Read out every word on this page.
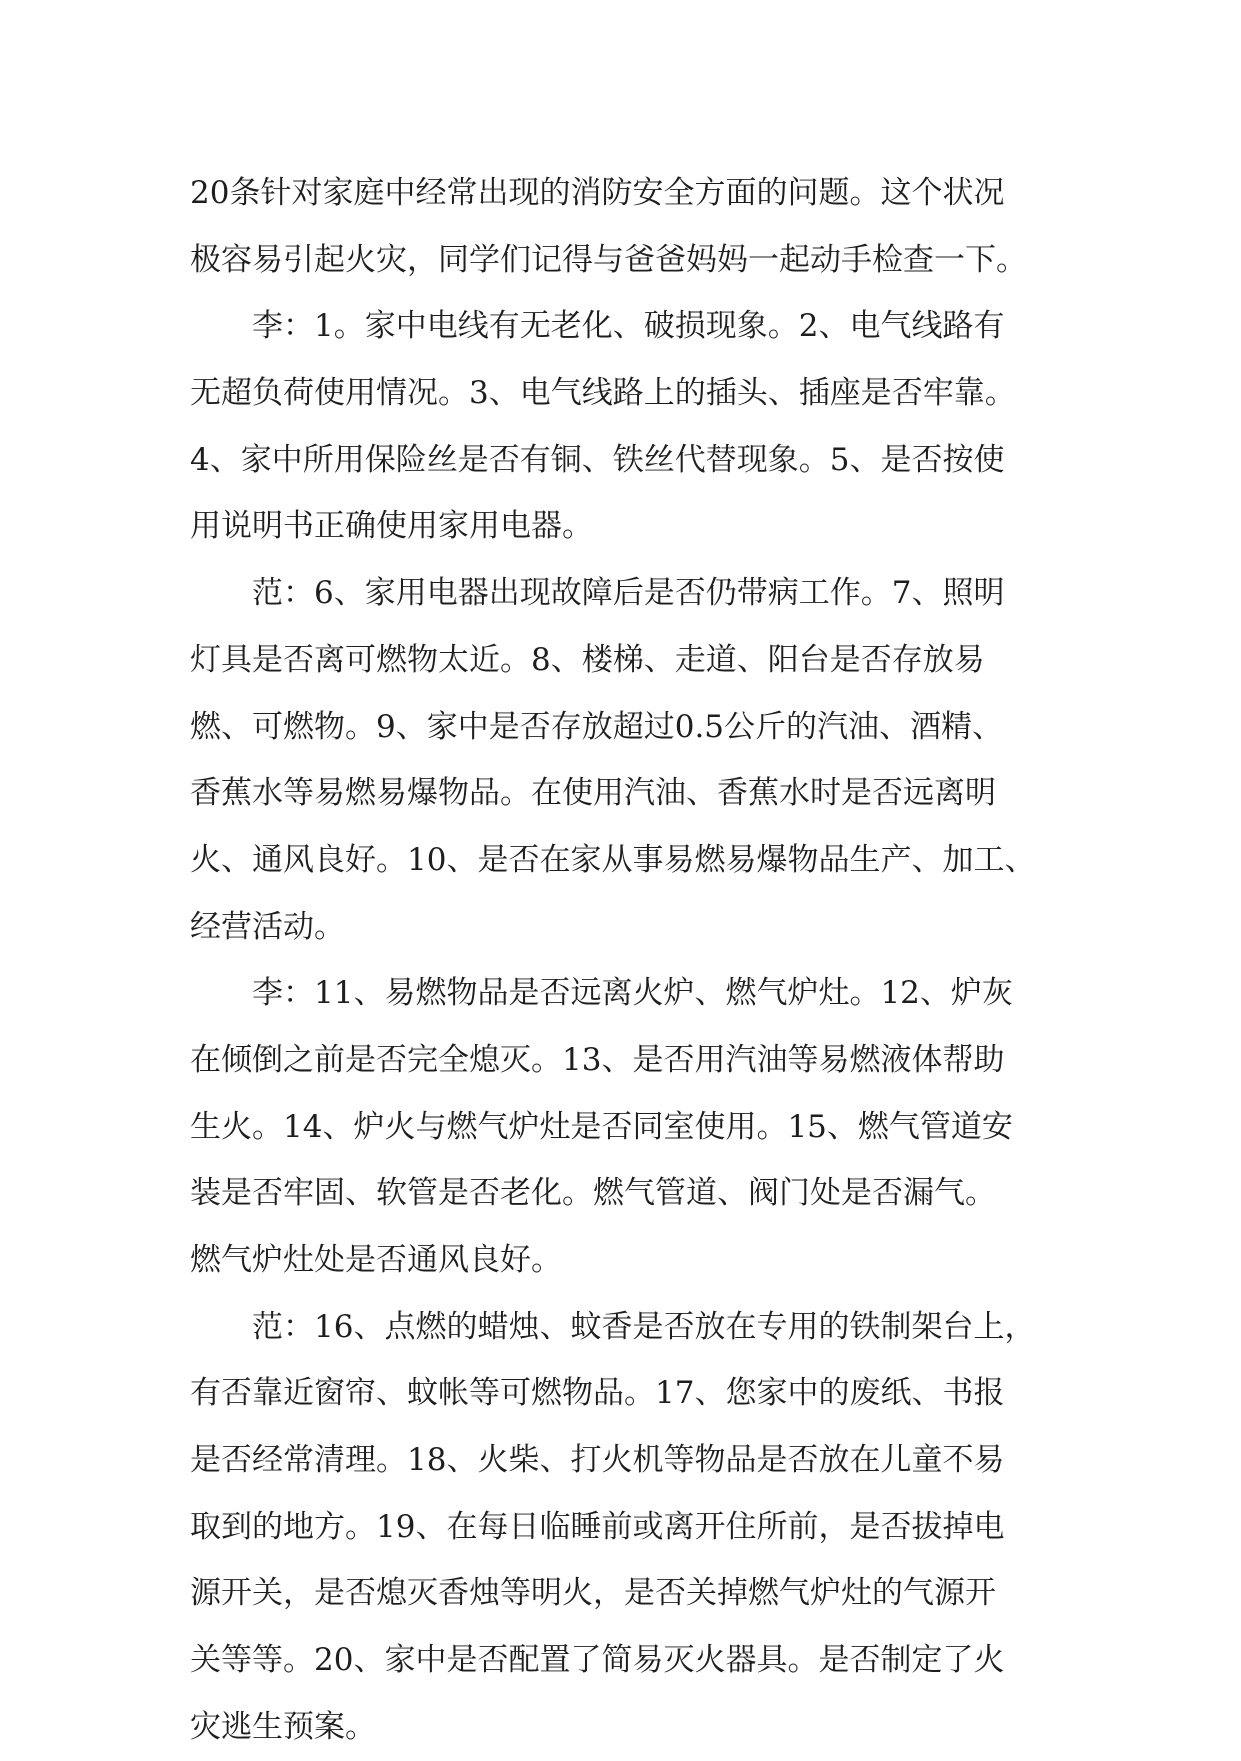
20条针对家庭中经常出现的消防安全方面的问题。这个状况
极容易引起火灾，同学们记得与爸爸妈妈一起动手检查一下。
李：1。家中电线有无老化、破损现象。2、电气线路有
无超负荷使用情况。3、电气线路上的插头、插座是否牢靠。
4、家中所用保险丝是否有铜、铁丝代替现象。5、是否按使
用说明书正确使用家用电器。
范：6、家用电器出现故障后是否仍带病工作。7、照明
灯具是否离可燃物太近。8、楼梯、走道、阳台是否存放易
燃、可燃物。9、家中是否存放超过0.5公斤的汽油、酒精、
香蕉水等易燃易爆物品。在使用汽油、香蕉水时是否远离明
火、通风良好。10、是否在家从事易燃易爆物品生产、加工、
经营活动。
李：11、易燃物品是否远离火炉、燃气炉灶。12、炉灰
在倾倒之前是否完全熄灭。13、是否用汽油等易燃液体帮助
生火。14、炉火与燃气炉灶是否同室使用。15、燃气管道安
装是否牢固、软管是否老化。燃气管道、阀门处是否漏气。
燃气炉灶处是否通风良好。
范：16、点燃的蜡烛、蚊香是否放在专用的铁制架台上，
有否靠近窗帘、蚊帐等可燃物品。17、您家中的废纸、书报
是否经常清理。18、火柴、打火机等物品是否放在儿童不易
取到的地方。19、在每日临睡前或离开住所前，是否拔掉电
源开关，是否熄灭香烛等明火，是否关掉燃气炉灶的气源开
关等等。20、家中是否配置了简易灭火器具。是否制定了火
灾逃生预案。
